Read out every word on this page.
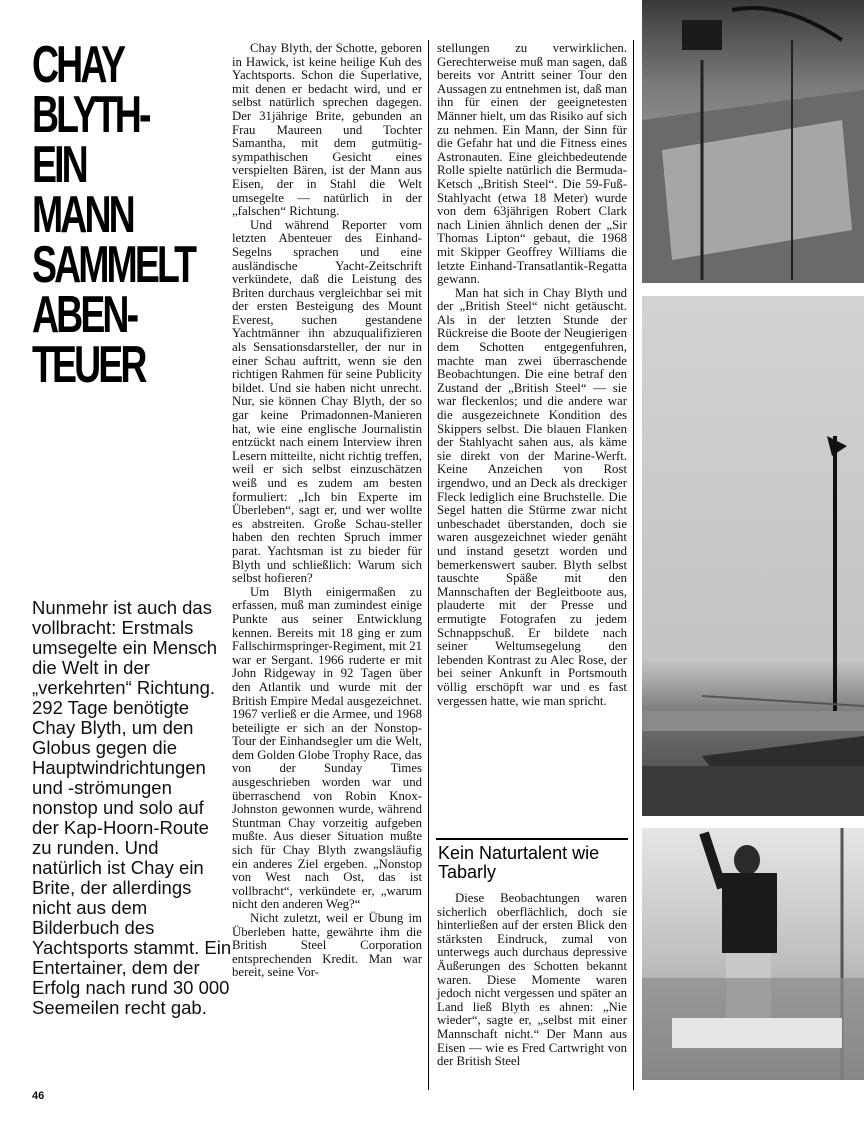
CHAY
BLYTH-
EIN
MANN
SAMMELT
ABEN-
TEUER
Nunmehr ist auch das vollbracht: Erstmals umsegelte ein Mensch die Welt in der „verkehrten“ Richtung. 292 Tage benötigte Chay Blyth, um den Globus gegen die Hauptwindrichtungen und -strömungen nonstop und solo auf der Kap-Hoorn-Route zu runden. Und natürlich ist Chay ein Brite, der allerdings nicht aus dem Bilderbuch des Yachtsports stammt. Ein Entertainer, dem der Erfolg nach rund 30 000 Seemeilen recht gab.

Chay Blyth, der Schotte, geboren in Hawick, ist keine heilige Kuh des Yachtsports. Schon die Superlative, mit denen er bedacht wird, und er selbst natürlich sprechen dagegen. Der 31jährige Brite, gebunden an Frau Maureen und Tochter Samantha, mit dem gutmütig-sympathischen Gesicht eines verspielten Bären, ist der Mann aus Eisen, der in Stahl die Welt umsegelte — natürlich in der „falschen“ Richtung.

Und während Reporter vom letzten Abenteuer des Einhand-Segelns sprachen und eine ausländische Yacht-Zeitschrift verkündete, daß die Leistung des Briten durchaus vergleichbar sei mit der ersten Besteigung des Mount Everest, suchen gestandene Yachtmänner ihn abzuqualifizieren als Sensationsdarsteller, der nur in einer Schau auftritt, wenn sie den richtigen Rahmen für seine Publicity bildet. Und sie haben nicht unrecht. Nur, sie können Chay Blyth, der so gar keine Primadonnen-Manieren hat, wie eine englische Journalistin entzückt nach einem Interview ihren Lesern mitteilte, nicht richtig treffen, weil er sich selbst einzuschätzen weiß und es zudem am besten formuliert: „Ich bin Experte im Überleben“, sagt er, und wer wollte es abstreiten. Große Schau-steller haben den rechten Spruch immer parat. Yachtsman ist zu bieder für Blyth und schließlich: Warum sich selbst hofieren?

Um Blyth einigermaßen zu erfassen, muß man zumindest einige Punkte aus seiner Entwicklung kennen. Bereits mit 18 ging er zum Fallschirmspringer-Regiment, mit 21 war er Sergant. 1966 ruderte er mit John Ridgeway in 92 Tagen über den Atlantik und wurde mit der British Empire Medal ausgezeichnet. 1967 verließ er die Armee, und 1968 beteiligte er sich an der Nonstop-Tour der Einhandsegler um die Welt, dem Golden Globe Trophy Race, das von der Sunday Times ausgeschrieben worden war und überraschend von Robin Knox-Johnston gewonnen wurde, während Stuntman Chay vorzeitig aufgeben mußte. Aus dieser Situation mußte sich für Chay Blyth zwangsläufig ein anderes Ziel ergeben. „Nonstop von West nach Ost, das ist vollbracht“, verkündete er, „warum nicht den anderen Weg?“

Nicht zuletzt, weil er Übung im Überleben hatte, gewährte ihm die British Steel Corporation entsprechenden Kredit. Man war bereit, seine Vor-

stellungen zu verwirklichen. Gerechterweise muß man sagen, daß bereits vor Antritt seiner Tour den Aussagen zu entnehmen ist, daß man ihn für einen der geeignetesten Männer hielt, um das Risiko auf sich zu nehmen. Ein Mann, der Sinn für die Gefahr hat und die Fitness eines Astronauten. Eine gleichbedeutende Rolle spielte natürlich die Bermuda-Ketsch „British Steel“. Die 59-Fuß-Stahlyacht (etwa 18 Meter) wurde von dem 63jährigen Robert Clark nach Linien ähnlich denen der „Sir Thomas Lipton“ gebaut, die 1968 mit Skipper Geoffrey Williams die letzte Einhand-Transatlantik-Regatta gewann.

Man hat sich in Chay Blyth und der „British Steel“ nicht getäuscht. Als in der letzten Stunde der Rückreise die Boote der Neugierigen dem Schotten entgegenfuhren, machte man zwei überraschende Beobachtungen. Die eine betraf den Zustand der „British Steel“ — sie war fleckenlos; und die andere war die ausgezeichnete Kondition des Skippers selbst. Die blauen Flanken der Stahlyacht sahen aus, als käme sie direkt von der Marine-Werft. Keine Anzeichen von Rost irgendwo, und an Deck als dreckiger Fleck lediglich eine Bruchstelle. Die Segel hatten die Stürme zwar nicht unbeschadet überstanden, doch sie waren ausgezeichnet wieder genäht und instand gesetzt worden und bemerkenswert sauber. Blyth selbst tauschte Späße mit den Mannschaften der Begleitboote aus, plauderte mit der Presse und ermutigte Fotografen zu jedem Schnappschuß. Er bildete nach seiner Weltumsegelung den lebenden Kontrast zu Alec Rose, der bei seiner Ankunft in Portsmouth völlig erschöpft war und es fast vergessen hatte, wie man spricht.

Kein Naturtalent wie Tabarly

Diese Beobachtungen waren sicherlich oberflächlich, doch sie hinterließen auf der ersten Blick den stärksten Eindruck, zumal von unterwegs auch durchaus depressive Äußerungen des Schotten bekannt waren. Diese Momente waren jedoch nicht vergessen und später an Land ließ Blyth es ahnen: „Nie wieder“, sagte er, „selbst mit einer Mannschaft nicht.“ Der Mann aus Eisen — wie es Fred Cartwright von der British Steel

46
